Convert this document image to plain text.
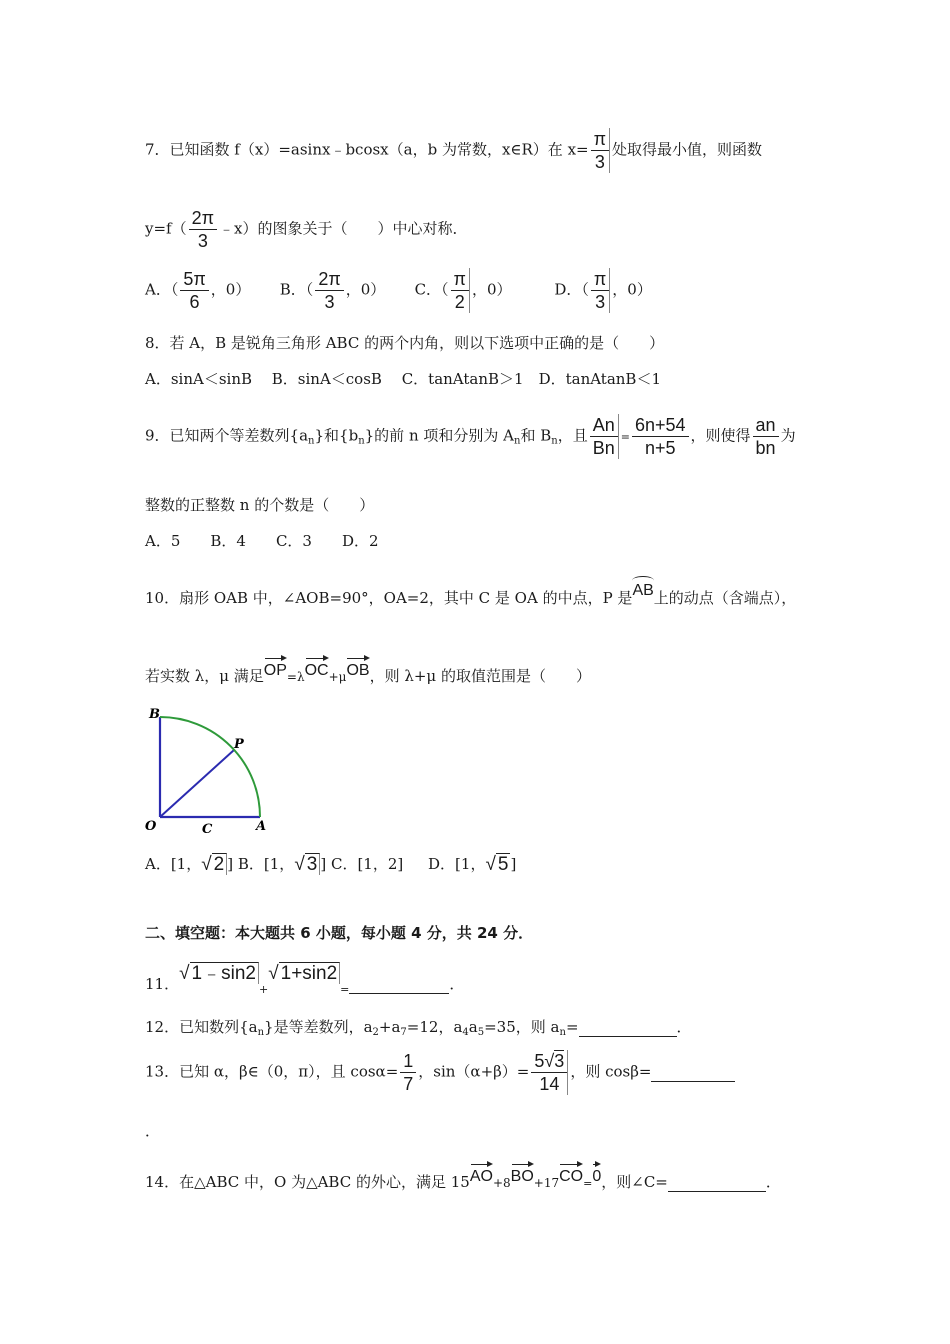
7．已知函数 f（x）=asinx﹣bcosx（a，b 为常数，x∈R）在 $x= \frac{\pi}{3}$ 处取得最小值，则函数
$y=f( \frac{2\pi}{3}$ ﹣x）的图象关于（　　）中心对称．
A．（ $\frac{5\pi}{6}$ ，0） B．（ $\frac{2\pi}{3}$ ，0） C．（ $\frac{\pi}{2}$ ，0）	D．（ $\frac{\pi}{3}$ ，0）
8．若 A，B 是锐角三角形 ABC 的两个内角，则以下选项中正确的是（　　）
A．sinA＜sinB　 B．sinA＜cosB　 C．tanAtanB＞1　D．tanAtanB＜1
9．已知两个等差数列$\{a_n\}$和$\{b_n\}$的前 n 项和分别为 $A_n$和 $B_n$，且 $\frac{An}{Bn} = \frac{6n+54}{n+5}$ ，则使得 $\frac{an}{bn}$ 为
整数的正整数 n 的个数是（　　）
A．5　　B．4　　C．3　　D．2
10．扇形 OAB 中，∠AOB=90°，OA=2，其中 C 是 OA 的中点，P 是AB上的动点（含端点），
若实数 λ，μ 满足OP=λOC+μOB，则 λ+μ 的取值范围是（　　）
B
P
O	C	A
A．[1，√ 2 ] B．[1，√ 3 ] C．[1，2] D．[1，√ 5 ]
二、填空题：本大题共 6 小题，每小题 4 分，共 24 分．
11．√ $1﹣\sin 2_+√$ $1+\sin 2_=$	．
12．已知数列$\{a_n\}$是等差数列，$a_2+a_7=12$，$a_4a_5=35$，则 $a_n=$	．
13．已知 α，β∈（0，π），且 $\cos\alpha= \frac{1}{7}$ ，$\sin(\alpha+\beta)= \frac{5√3}{14}$ ，则 cosβ=
．
14．在△ABC 中，O 为△ABC 的外心，满足 15AO+8BO+17CO=0，则∠C=	．
